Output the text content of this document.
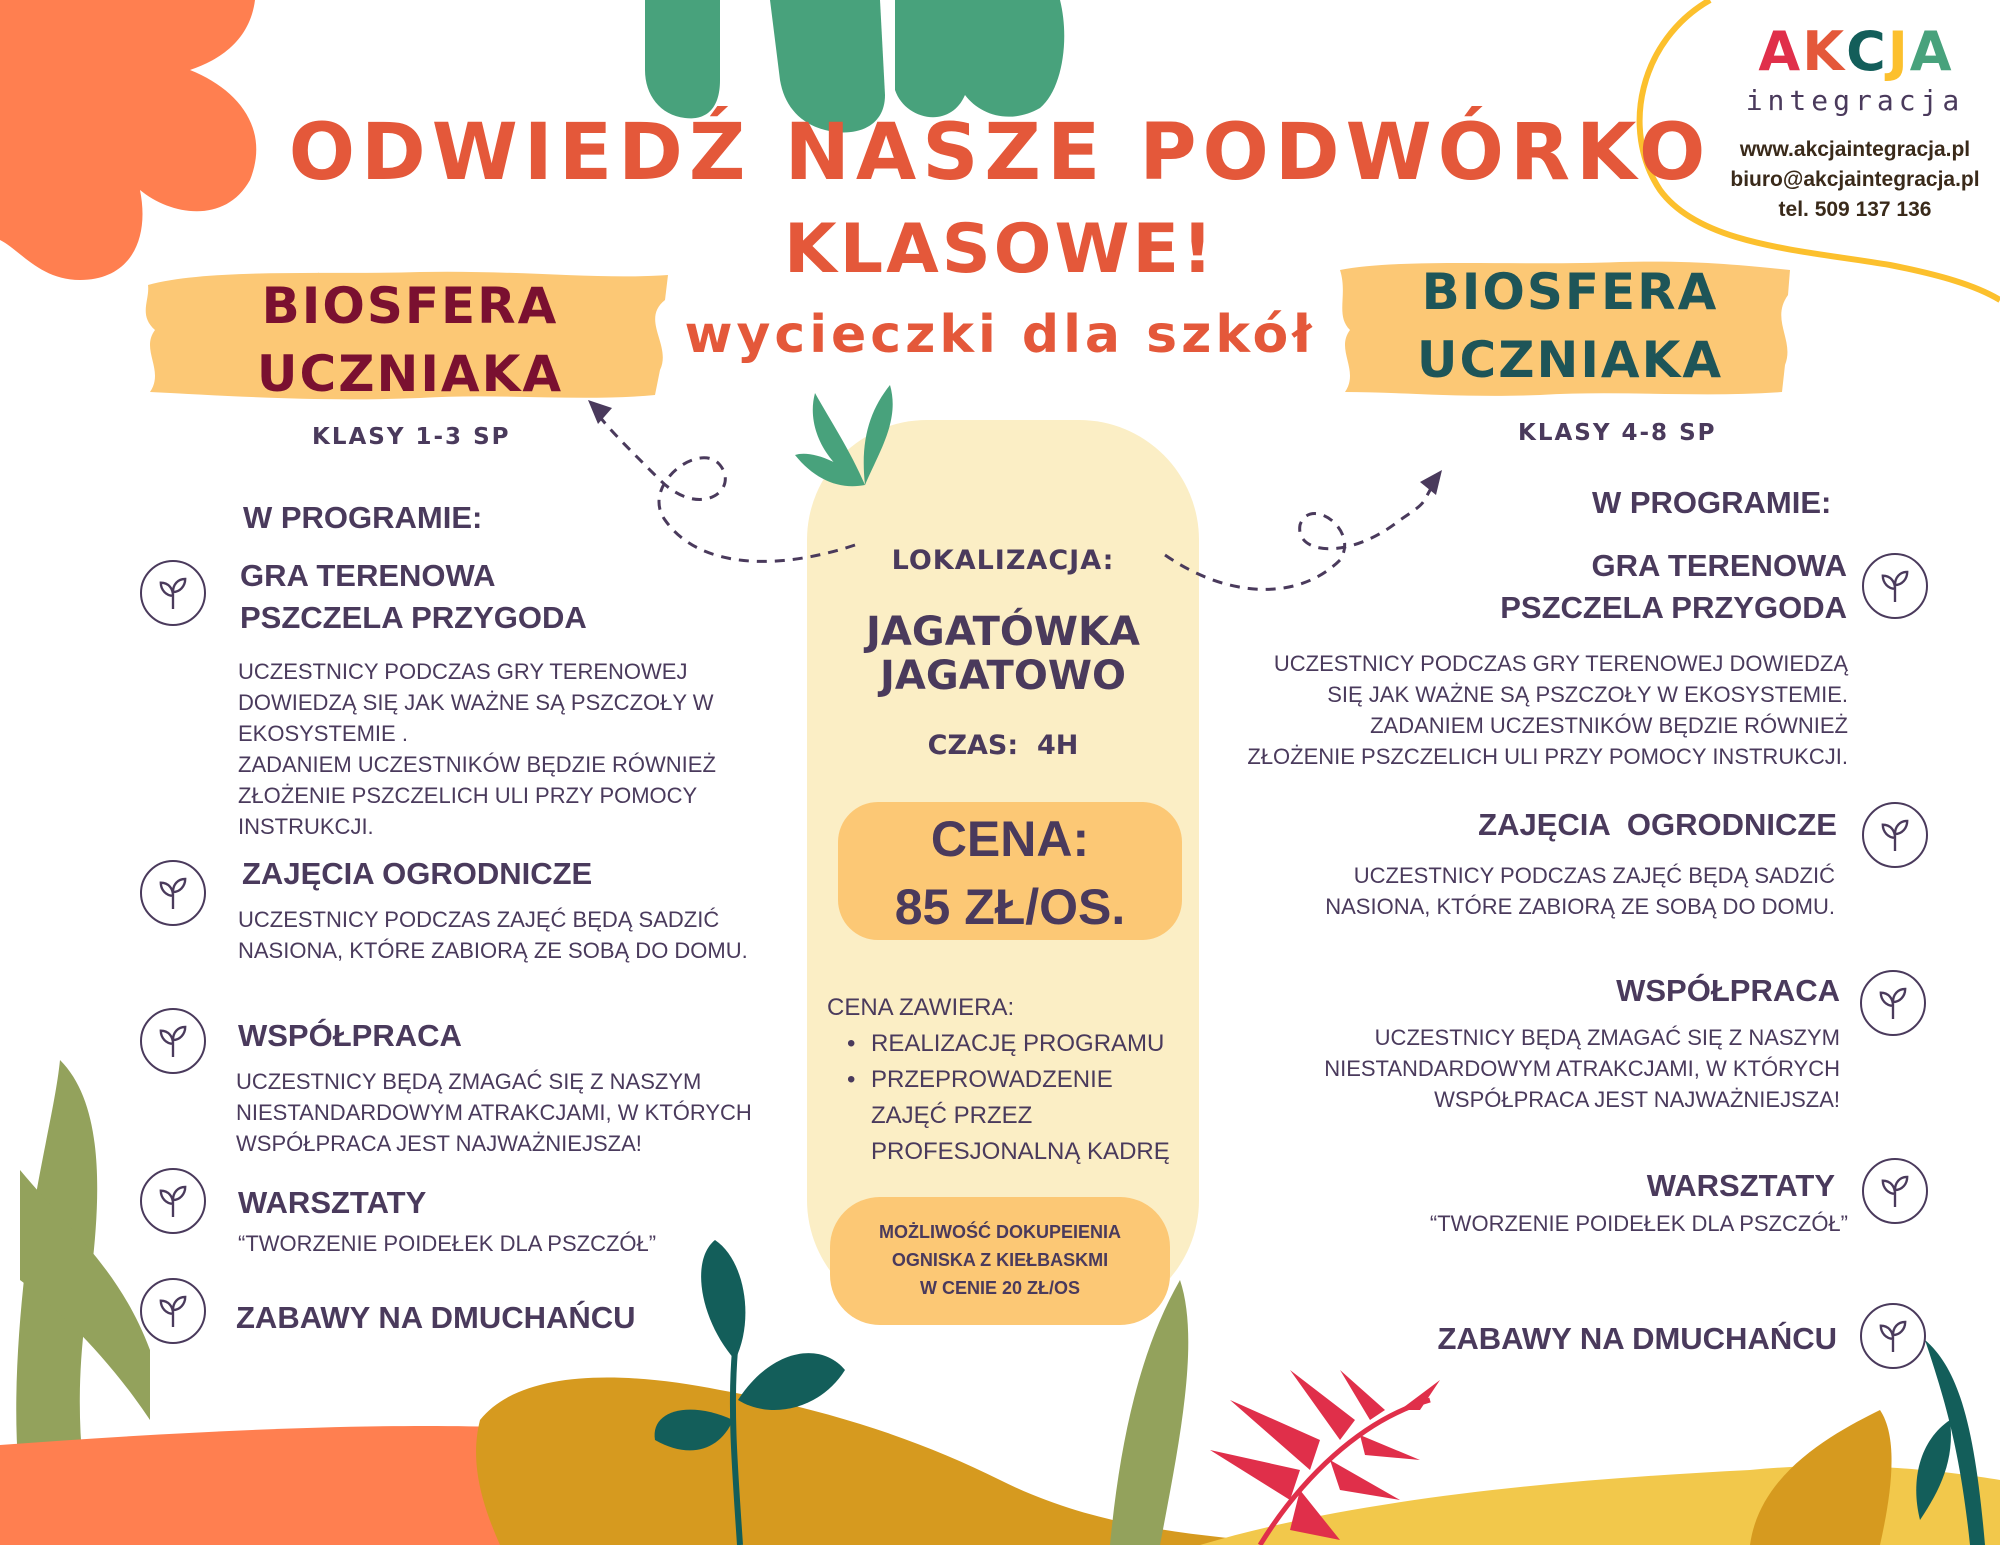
A K C J A
integracja
www.akcjaintegracja.pl
biuro@akcjaintegracja.pl
tel. 509 137 136
ODWIEDŹ NASZE PODWÓRKO
KLASOWE!
wycieczki dla szkół
BIOSFERA
UCZNIAKA
KLASY 1-3 SP
W PROGRAMIE:
GRA TERENOWA
PSZCZELA PRZYGODA
UCZESTNICY PODCZAS GRY TERENOWEJ
DOWIEDZĄ SIĘ JAK WAŻNE SĄ PSZCZOŁY W
EKOSYSTEMIE .
ZADANIEM UCZESTNIKÓW BĘDZIE RÓWNIEŻ
ZŁOŻENIE PSZCZELICH ULI PRZY POMOCY
INSTRUKCJI.
ZAJĘCIA OGRODNICZE
UCZESTNICY PODCZAS ZAJĘĆ BĘDĄ SADZIĆ
NASIONA, KTÓRE ZABIORĄ ZE SOBĄ DO DOMU.
WSPÓŁPRACA
UCZESTNICY BĘDĄ ZMAGAĆ SIĘ Z NASZYM
NIESTANDARDOWYM ATRAKCJAMI, W KTÓRYCH
WSPÓŁPRACA JEST NAJWAŻNIEJSZA!
WARSZTATY
“TWORZENIE POIDEŁEK DLA PSZCZÓŁ”
ZABAWY NA DMUCHAŃCU
LOKALIZACJA:
JAGATÓWKA
JAGATOWO
CZAS:  4H
CENA:
85 ZŁ/OS.
CENA ZAWIERA:
• REALIZACJĘ PROGRAMU
• PRZEPROWADZENIE
ZAJĘĆ PRZEZ
PROFESJONALNĄ KADRĘ
MOŻLIWOŚĆ DOKUPEIENIA
OGNISKA Z KIEŁBASKMI
W CENIE 20 ZŁ/OS
BIOSFERA
UCZNIAKA
KLASY 4-8 SP
W PROGRAMIE:
GRA TERENOWA
PSZCZELA PRZYGODA
UCZESTNICY PODCZAS GRY TERENOWEJ DOWIEDZĄ
SIĘ JAK WAŻNE SĄ PSZCZOŁY W EKOSYSTEMIE.
ZADANIEM UCZESTNIKÓW BĘDZIE RÓWNIEŻ
ZŁOŻENIE PSZCZELICH ULI PRZY POMOCY INSTRUKCJI.
ZAJĘCIA  OGRODNICZE
UCZESTNICY PODCZAS ZAJĘĆ BĘDĄ SADZIĆ
NASIONA, KTÓRE ZABIORĄ ZE SOBĄ DO DOMU.
WSPÓŁPRACA
UCZESTNICY BĘDĄ ZMAGAĆ SIĘ Z NASZYM
NIESTANDARDOWYM ATRAKCJAMI, W KTÓRYCH
WSPÓŁPRACA JEST NAJWAŻNIEJSZA!
WARSZTATY
“TWORZENIE POIDEŁEK DLA PSZCZÓŁ”
ZABAWY NA DMUCHAŃCU
